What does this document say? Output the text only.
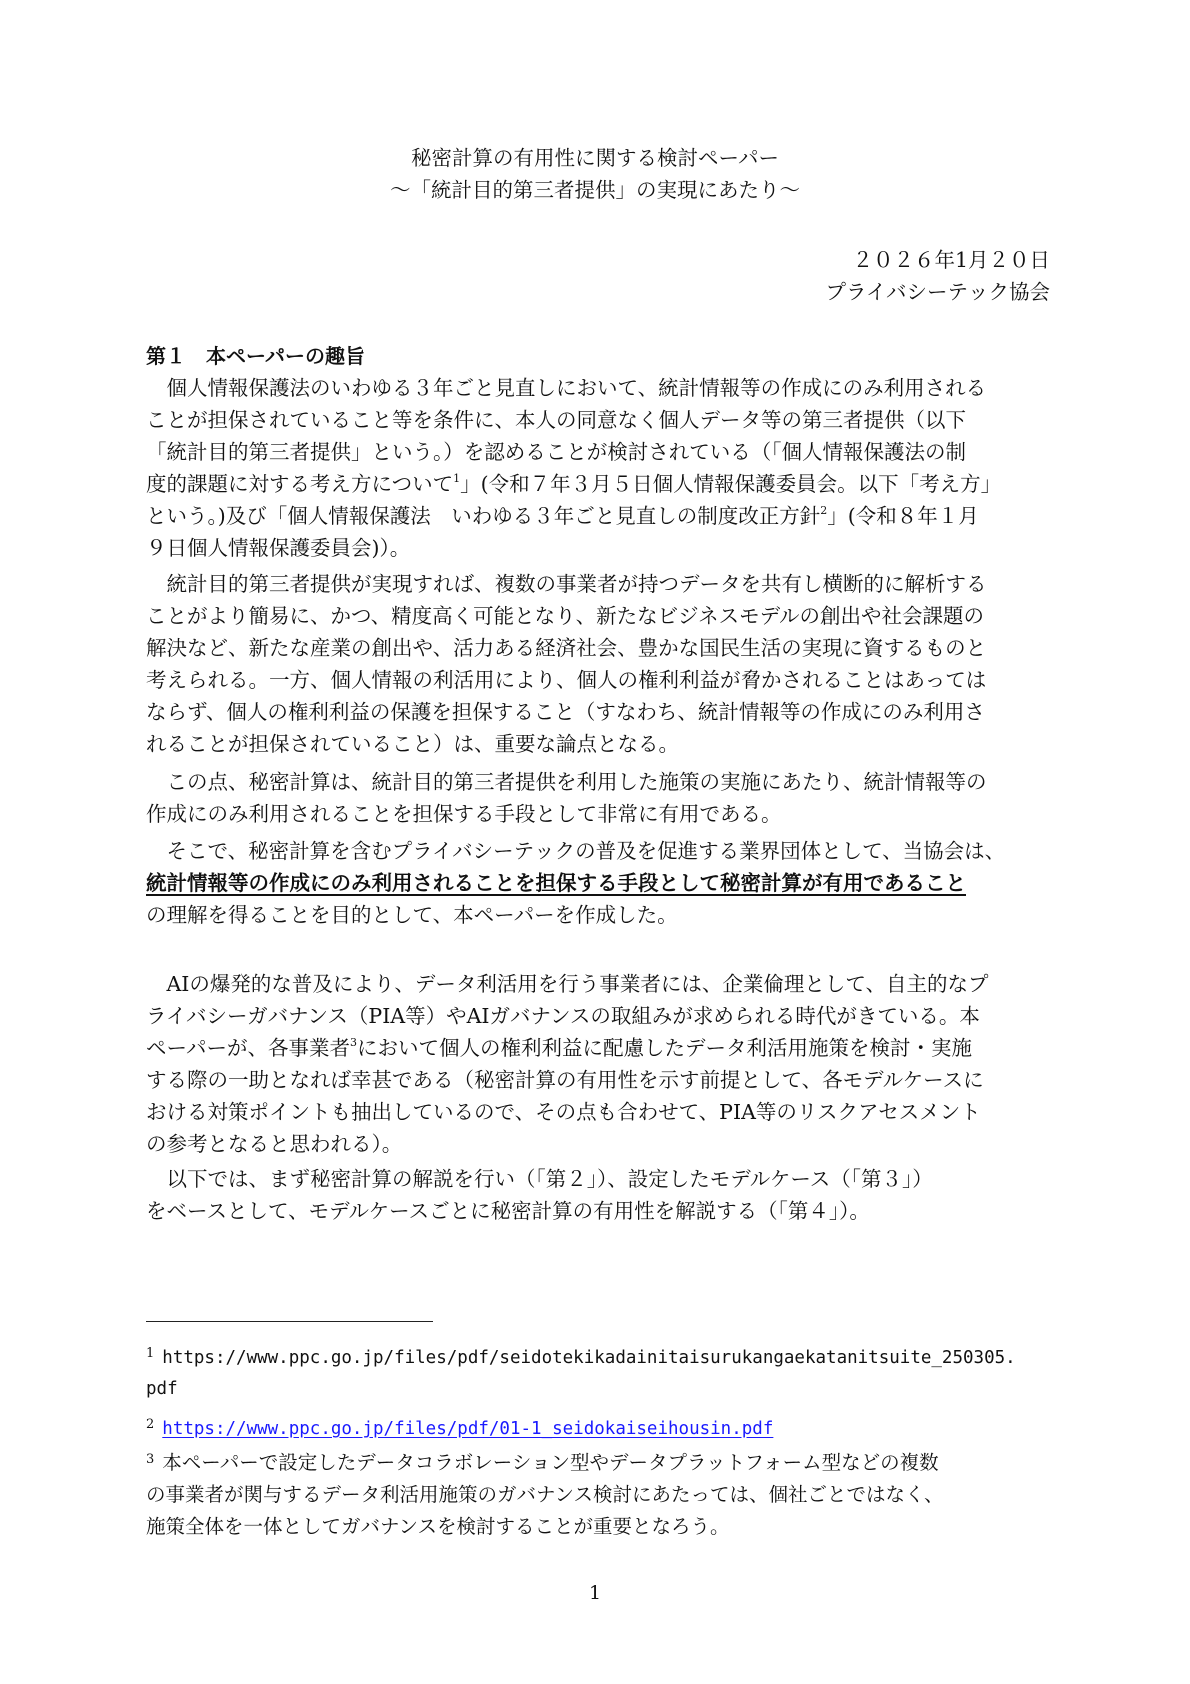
秘密計算の有用性に関する検討ペーパー
～「統計目的第三者提供」の実現にあたり～
２０２６年1月２０日
プライバシーテック協会
第１　本ペーパーの趣旨
　個人情報保護法のいわゆる３年ごと見直しにおいて、統計情報等の作成にのみ利用される
ことが担保されていること等を条件に、本人の同意なく個人データ等の第三者提供（以下
「統計目的第三者提供」という。）を認めることが検討されている（「個人情報保護法の制
度的課題に対する考え方について$^1$」(令和７年３月５日個人情報保護委員会。以下「考え方」
という。)及び「個人情報保護法　いわゆる３年ごと見直しの制度改正方針$^2$」(令和８年１月
９日個人情報保護委員会)）。
　統計目的第三者提供が実現すれば、複数の事業者が持つデータを共有し横断的に解析する
ことがより簡易に、かつ、精度高く可能となり、新たなビジネスモデルの創出や社会課題の
解決など、新たな産業の創出や、活力ある経済社会、豊かな国民生活の実現に資するものと
考えられる。一方、個人情報の利活用により、個人の権利利益が脅かされることはあっては
ならず、個人の権利利益の保護を担保すること（すなわち、統計情報等の作成にのみ利用さ
れることが担保されていること）は、重要な論点となる。
　この点、秘密計算は、統計目的第三者提供を利用した施策の実施にあたり、統計情報等の
作成にのみ利用されることを担保する手段として非常に有用である。
　そこで、秘密計算を含むプライバシーテックの普及を促進する業界団体として、当協会は、
統計情報等の作成にのみ利用されることを担保する手段として秘密計算が有用であること
の理解を得ることを目的として、本ペーパーを作成した。
　AIの爆発的な普及により、データ利活用を行う事業者には、企業倫理として、自主的なプ
ライバシーガバナンス（PIA等）やAIガバナンスの取組みが求められる時代がきている。本
ペーパーが、各事業者$^3$において個人の権利利益に配慮したデータ利活用施策を検討・実施
する際の一助となれば幸甚である（秘密計算の有用性を示す前提として、各モデルケースに
おける対策ポイントも抽出しているので、その点も合わせて、PIA等のリスクアセスメント
の参考となると思われる）。
　以下では、まず秘密計算の解説を行い（「第２」）、設定したモデルケース（「第３」）
をベースとして、モデルケースごとに秘密計算の有用性を解説する（「第４」）。
$^1$ https://www.ppc.go.jp/files/pdf/seidotekikadainitaisurukangaekatanitsuite_250305.
pdf
$^2$ https://www.ppc.go.jp/files/pdf/01-1_seidokaiseihousin.pdf
$^3$ 本ペーパーで設定したデータコラボレーション型やデータプラットフォーム型などの複数
の事業者が関与するデータ利活用施策のガバナンス検討にあたっては、個社ごとではなく、
施策全体を一体としてガバナンスを検討することが重要となろう。
1
